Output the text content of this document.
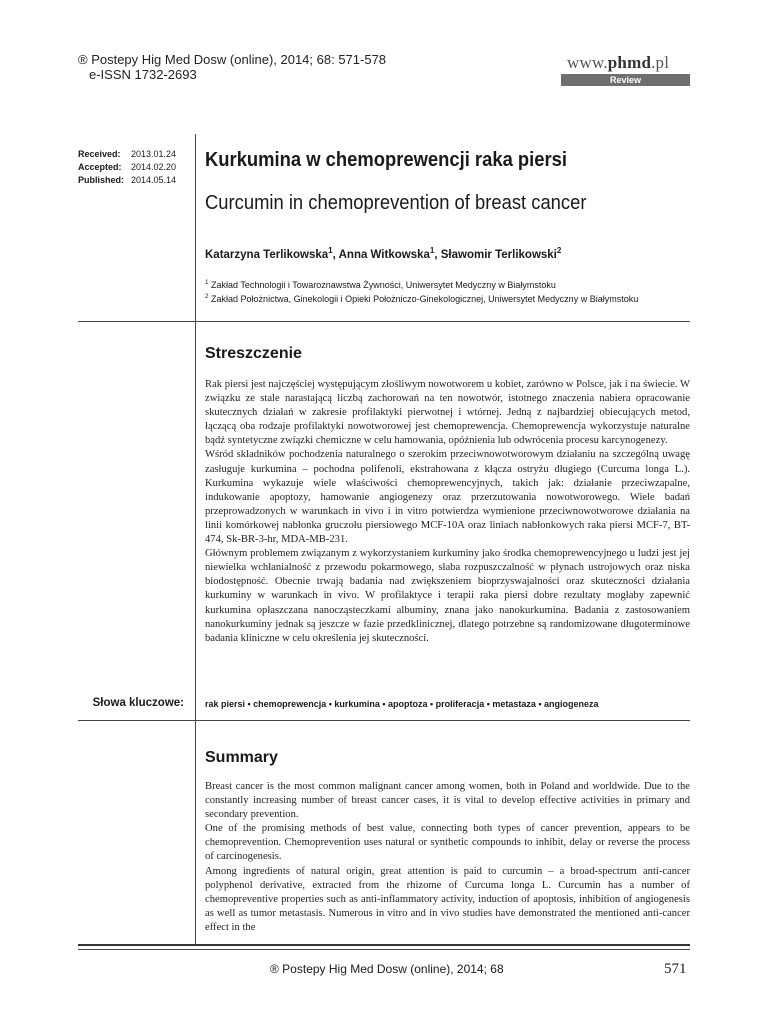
® Postepy Hig Med Dosw (online), 2014; 68: 571-578
e-ISSN 1732-2693
www.phmd.pl
Review
Received: 2013.01.24
Accepted: 2014.02.20
Published: 2014.05.14
Kurkumina w chemoprewencji raka piersi
Curcumin in chemoprevention of breast cancer
Katarzyna Terlikowska$^1$, Anna Witkowska$^1$, Sławomir Terlikowski$^2$
$^1$ Zakład Technologii i Towaroznawstwa Żywności, Uniwersytet Medyczny w Białymstoku
$^2$ Zakład Położnictwa, Ginekologii i Opieki Położniczo-Ginekologicznej, Uniwersytet Medyczny w Białymstoku
Streszczenie

Rak piersi jest najczęściej występującym złośliwym nowotworem u kobiet, zarówno w Polsce, jak i na świecie. W związku ze stale narastającą liczbą zachorowań na ten nowotwór, istotnego znaczenia nabiera opracowanie skutecznych działań w zakresie profilaktyki pierwotnej i wtórnej. Jedną z najbardziej obiecujących metod, łączącą oba rodzaje profilaktyki nowotworowej jest chemoprewencja. Chemoprewencja wykorzystuje naturalne bądź syntetyczne związki chemiczne w celu hamowania, opóźnienia lub odwrócenia procesu karcynogenezy.

Wśród składników pochodzenia naturalnego o szerokim przeciwnowotworowym działaniu na szczególną uwagę zasługuje kurkumina – pochodna polifenoli, ekstrahowana z kłącza ostryżu długiego (Curcuma longa L.). Kurkumina wykazuje wiele właściwości chemoprewencyjnych, takich jak: działanie przeciwzapalne, indukowanie apoptozy, hamowanie angiogenezy oraz przerzutowania nowotworowego. Wiele badań przeprowadzonych w warunkach in vivo i in vitro potwierdza wymienione przeciwnowotworowe działania na linii komórkowej nabłonka gruczołu piersiowego MCF-10A oraz liniach nabłonkowych raka piersi MCF-7, BT-474, Sk-BR-3-hr, MDA-MB-231.

Głównym problemem związanym z wykorzystaniem kurkuminy jako środka chemoprewencyjnego u ludzi jest jej niewielka wchłanialność z przewodu pokarmowego, słaba rozpuszczalność w płynach ustrojowych oraz niska biodostępność. Obecnie trwają badania nad zwiększeniem bioprzyswajalności oraz skuteczności działania kurkuminy w warunkach in vivo. W profilaktyce i terapii raka piersi dobre rezultaty mogłaby zapewnić kurkumina opłaszczana nanocząsteczkami albuminy, znana jako nanokurkumina. Badania z zastosowaniem nanokurkuminy jednak są jeszcze w fazie przedklinicznej, dlatego potrzebne są randomizowane długoterminowe badania kliniczne w celu określenia jej skuteczności.

Słowa kluczowe: rak piersi • chemoprewencja • kurkumina • apoptoza • proliferacja • metastaza • angiogeneza
Summary

Breast cancer is the most common malignant cancer among women, both in Poland and worldwide. Due to the constantly increasing number of breast cancer cases, it is vital to develop effective activities in primary and secondary prevention.

One of the promising methods of best value, connecting both types of cancer prevention, appears to be chemoprevention. Chemoprevention uses natural or synthetic compounds to inhibit, delay or reverse the process of carcinogenesis.

Among ingredients of natural origin, great attention is paid to curcumin – a broad-spectrum anti-cancer polyphenol derivative, extracted from the rhizome of Curcuma longa L. Curcumin has a number of chemopreventive properties such as anti-inflammatory activity, induction of apoptosis, inhibition of angiogenesis as well as tumor metastasis. Numerous in vitro and in vivo studies have demonstrated the mentioned anti-cancer effect in the

® Postepy Hig Med Dosw (online), 2014; 68	571
